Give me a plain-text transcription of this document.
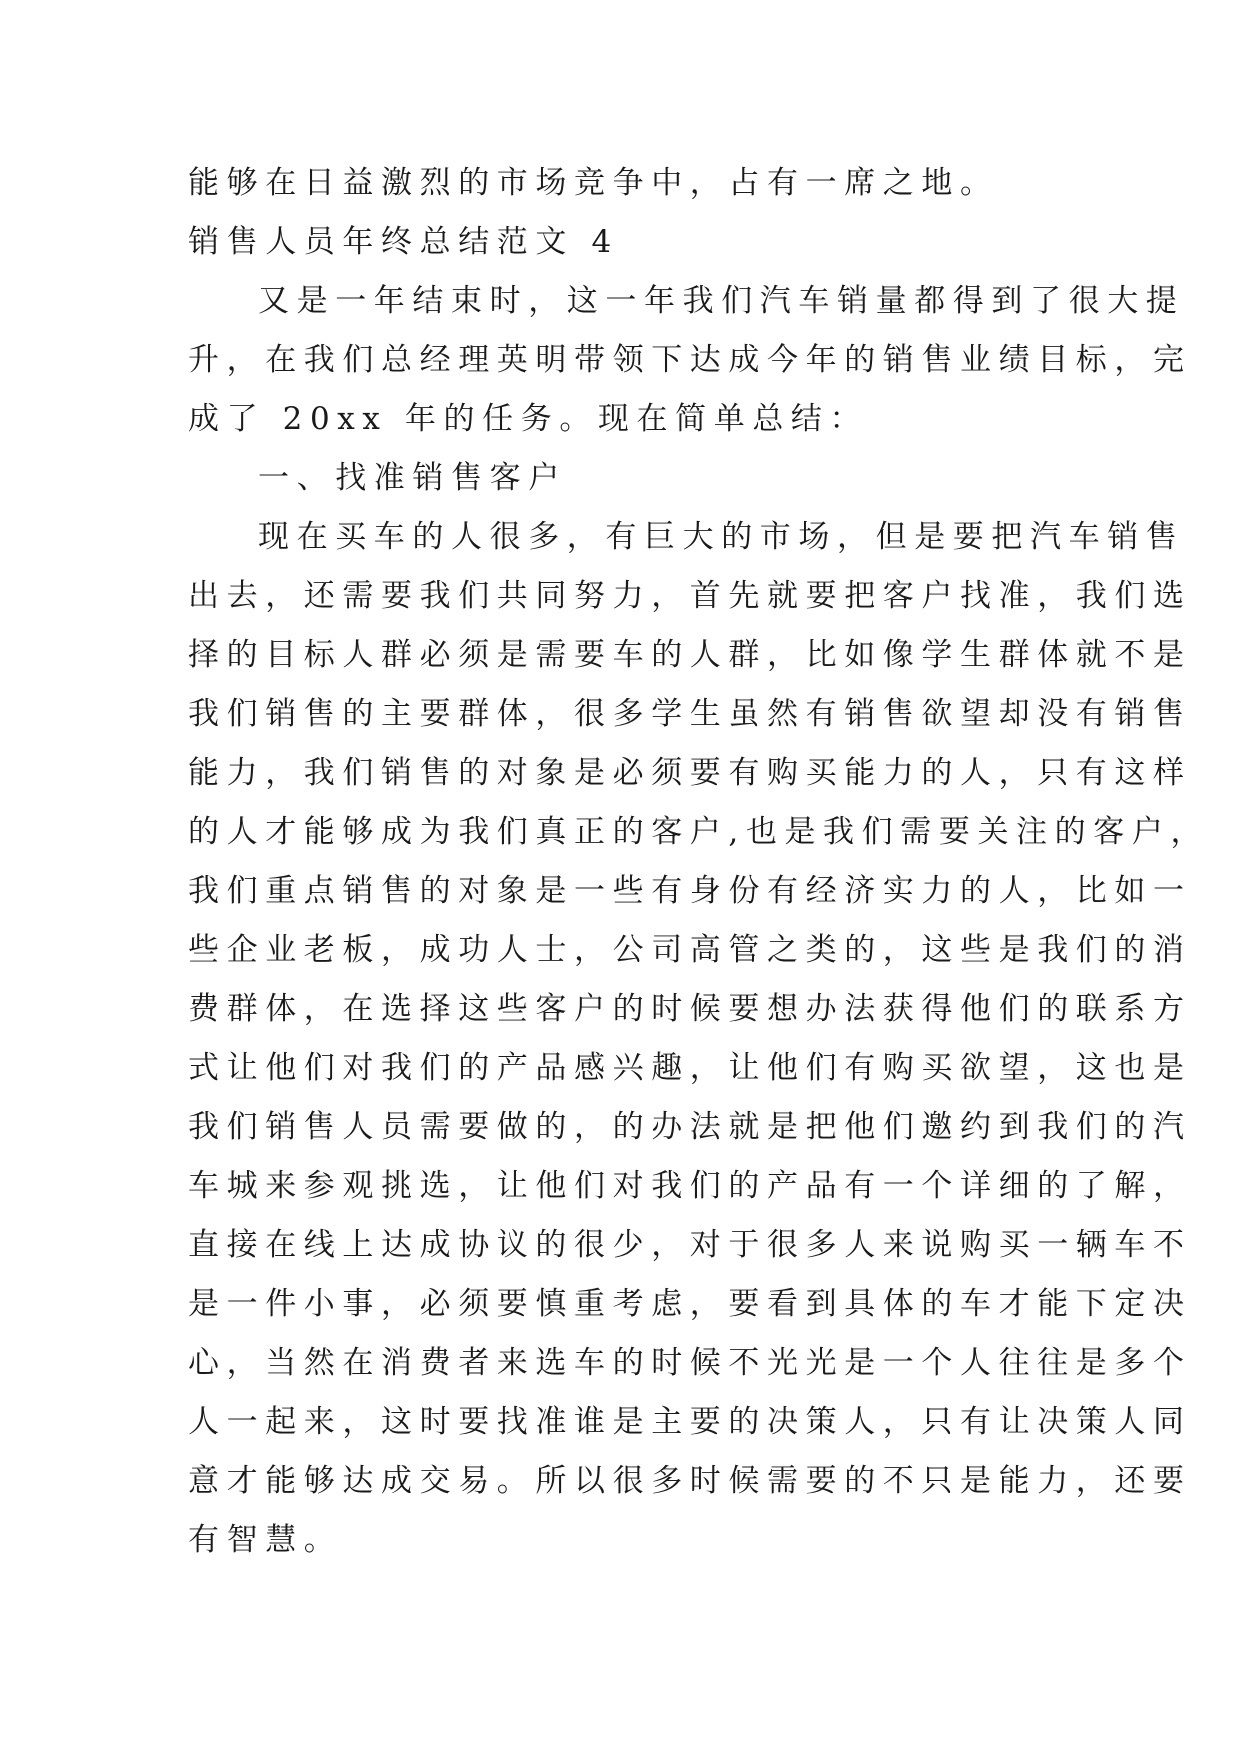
能够在日益激烈的市场竞争中，占有一席之地。
销售人员年终总结范文 4
又是一年结束时，这一年我们汽车销量都得到了很大提
升，在我们总经理英明带领下达成今年的销售业绩目标，完
成了 20xx 年的任务。现在简单总结：
一、找准销售客户
现在买车的人很多，有巨大的市场，但是要把汽车销售
出去，还需要我们共同努力，首先就要把客户找准，我们选
择的目标人群必须是需要车的人群，比如像学生群体就不是
我们销售的主要群体，很多学生虽然有销售欲望却没有销售
能力，我们销售的对象是必须要有购买能力的人，只有这样
的人才能够成为我们真正的客户,也是我们需要关注的客户，
我们重点销售的对象是一些有身份有经济实力的人，比如一
些企业老板，成功人士，公司高管之类的，这些是我们的消
费群体，在选择这些客户的时候要想办法获得他们的联系方
式让他们对我们的产品感兴趣，让他们有购买欲望，这也是
我们销售人员需要做的，的办法就是把他们邀约到我们的汽
车城来参观挑选，让他们对我们的产品有一个详细的了解，
直接在线上达成协议的很少，对于很多人来说购买一辆车不
是一件小事，必须要慎重考虑，要看到具体的车才能下定决
心，当然在消费者来选车的时候不光光是一个人往往是多个
人一起来，这时要找准谁是主要的决策人，只有让决策人同
意才能够达成交易。所以很多时候需要的不只是能力，还要
有智慧。
